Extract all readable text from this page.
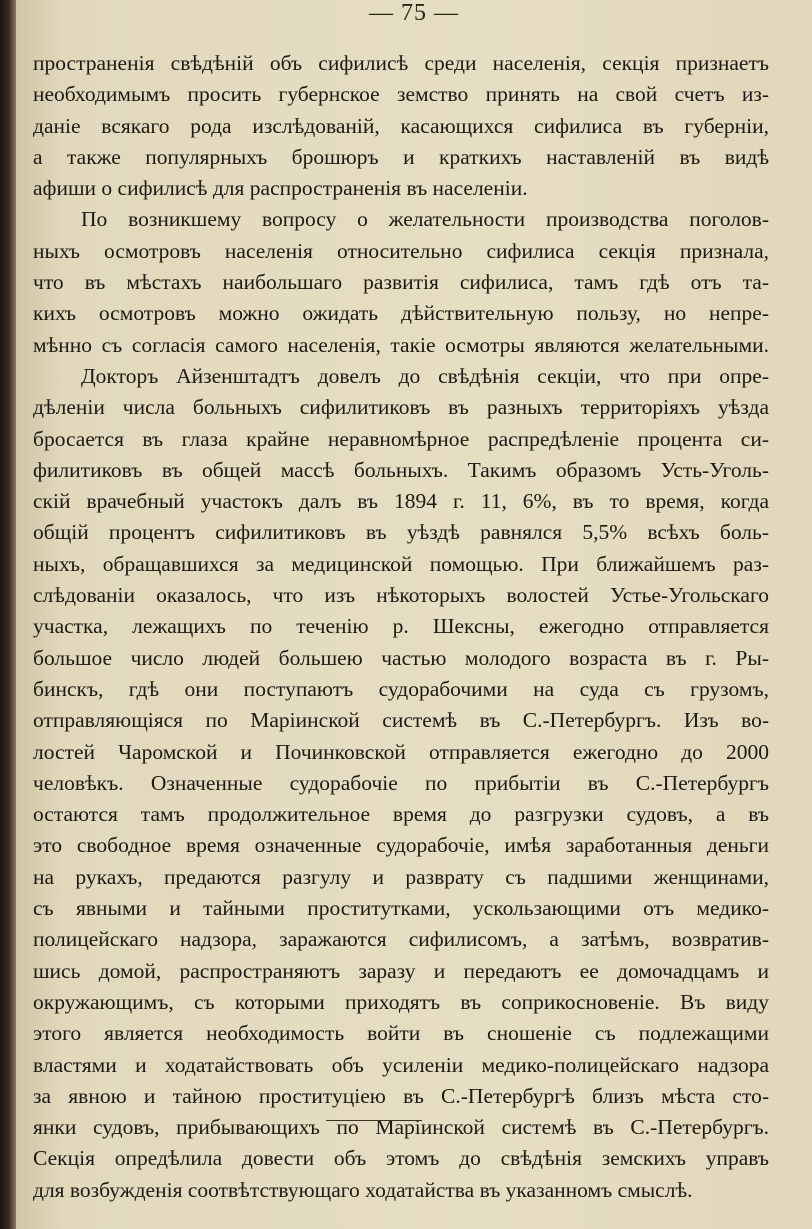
— 75 —
пространенія свѣдѣній объ сифилисѣ среди населенія, секція признаетъ
необходимымъ просить губернское земство принять на свой счетъ из-
даніе всякаго рода изслѣдованій, касающихся сифилиса въ губерніи,
а также популярныхъ брошюръ и краткихъ наставленій въ видѣ
афиши о сифилисѣ для распространенія въ населеніи.
По возникшему вопросу о желательности производства поголов-
ныхъ осмотровъ населенія относительно сифилиса секція признала,
что въ мѣстахъ наибольшаго развитія сифилиса, тамъ гдѣ отъ та-
кихъ осмотровъ можно ожидать дѣйствительную пользу, но непре-
мѣнно съ согласія самого населенія, такіе осмотры являются желательными.
Докторъ Айзенштадтъ довелъ до свѣдѣнія секціи, что при опре-
дѣленіи числа больныхъ сифилитиковъ въ разныхъ территоріяхъ уѣзда
бросается въ глаза крайне неравномѣрное распредѣленіе процента си-
филитиковъ въ общей массѣ больныхъ. Такимъ образомъ Усть-Уголь-
скій врачебный участокъ далъ въ 1894 г. 11, 6%, въ то время, когда
общій процентъ сифилитиковъ въ уѣздѣ равнялся 5,5% всѣхъ боль-
ныхъ, обращавшихся за медицинской помощью. При ближайшемъ раз-
слѣдованіи оказалось, что изъ нѣкоторыхъ волостей Устье-Угольскаго
участка, лежащихъ по теченію р. Шексны, ежегодно отправляется
большое число людей большею частью молодого возраста въ г. Ры-
бинскъ, гдѣ они поступаютъ судорабочими на суда съ грузомъ,
отправляющіяся по Маріинской системѣ въ С.-Петербургъ. Изъ во-
лостей Чаромской и Починковской отправляется ежегодно до 2000
человѣкъ. Означенные судорабочіе по прибытіи въ С.-Петербургъ
остаются тамъ продолжительное время до разгрузки судовъ, а въ
это свободное время означенные судорабочіе, имѣя заработанныя деньги
на рукахъ, предаются разгулу и разврату съ падшими женщинами,
съ явными и тайными проститутками, ускользающими отъ медико-
полицейскаго надзора, заражаются сифилисомъ, а затѣмъ, возвратив-
шись домой, распространяютъ заразу и передаютъ ее домочадцамъ и
окружающимъ, съ которыми приходятъ въ соприкосновеніе. Въ виду
этого является необходимость войти въ сношеніе съ подлежащими
властями и ходатайствовать объ усиленіи медико-полицейскаго надзора
за явною и тайною проституціею въ С.-Петербургѣ близъ мѣста сто-
янки судовъ, прибывающихъ по Маріинской системѣ въ С.-Петербургъ.
Секція опредѣлила довести объ этомъ до свѣдѣнія земскихъ управъ
для возбужденія соотвѣтствующаго ходатайства въ указанномъ смыслѣ.
